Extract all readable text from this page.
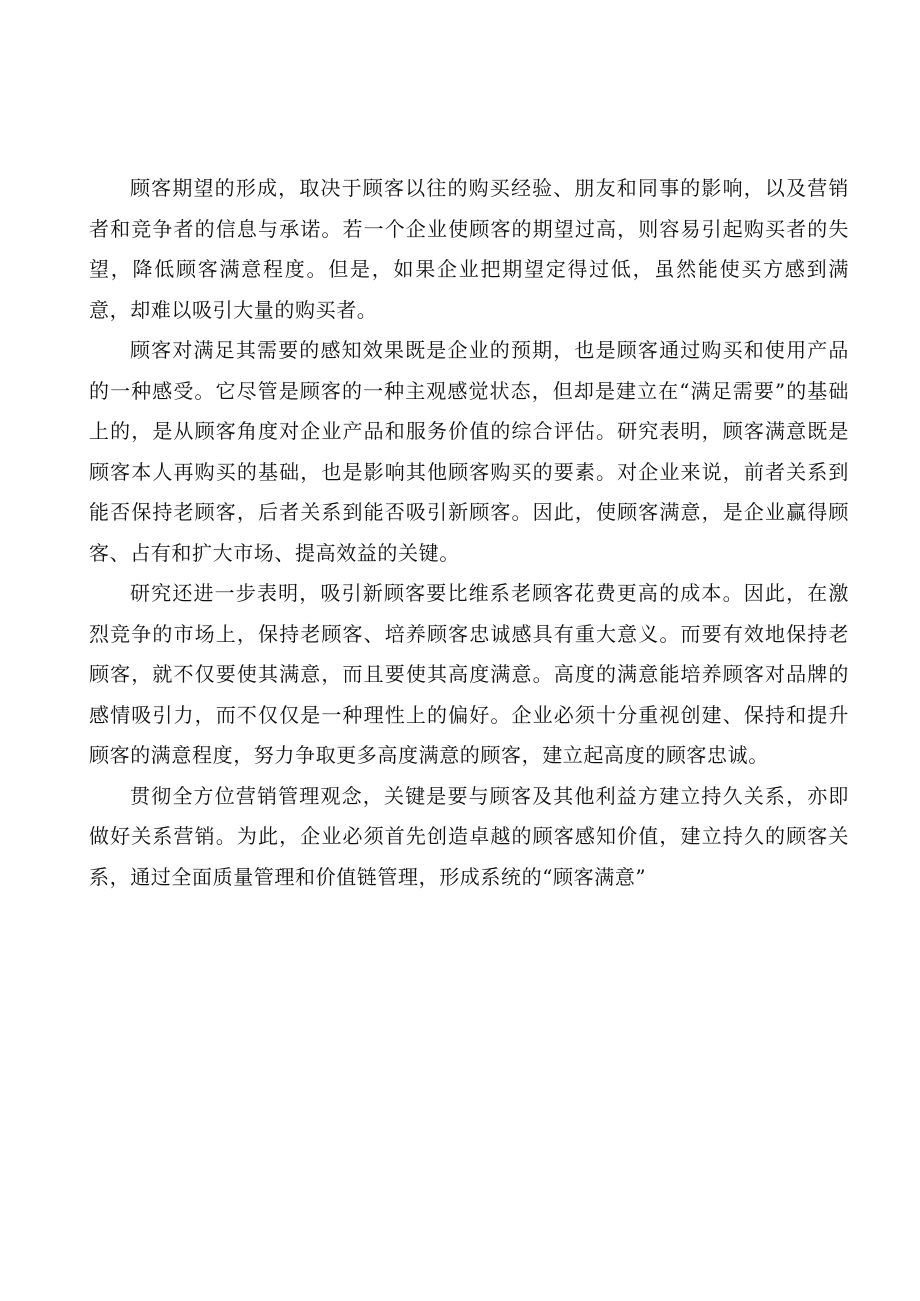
顾客期望的形成，取决于顾客以往的购买经验、朋友和同事的影响，以及营销者和竞争者的信息与承诺。若一个企业使顾客的期望过高，则容易引起购买者的失望，降低顾客满意程度。但是，如果企业把期望定得过低，虽然能使买方感到满意，却难以吸引大量的购买者。

顾客对满足其需要的感知效果既是企业的预期，也是顾客通过购买和使用产品的一种感受。它尽管是顾客的一种主观感觉状态，但却是建立在“满足需要”的基础上的，是从顾客角度对企业产品和服务价值的综合评估。研究表明，顾客满意既是顾客本人再购买的基础，也是影响其他顾客购买的要素。对企业来说，前者关系到能否保持老顾客，后者关系到能否吸引新顾客。因此，使顾客满意，是企业赢得顾客、占有和扩大市场、提高效益的关键。

研究还进一步表明，吸引新顾客要比维系老顾客花费更高的成本。因此，在激烈竞争的市场上，保持老顾客、培养顾客忠诚感具有重大意义。而要有效地保持老顾客，就不仅要使其满意，而且要使其高度满意。高度的满意能培养顾客对品牌的感情吸引力，而不仅仅是一种理性上的偏好。企业必须十分重视创建、保持和提升顾客的满意程度，努力争取更多高度满意的顾客，建立起高度的顾客忠诚。

贯彻全方位营销管理观念，关键是要与顾客及其他利益方建立持久关系，亦即做好关系营销。为此，企业必须首先创造卓越的顾客感知价值，建立持久的顾客关系，通过全面质量管理和价值链管理，形成系统的“顾客满意”
